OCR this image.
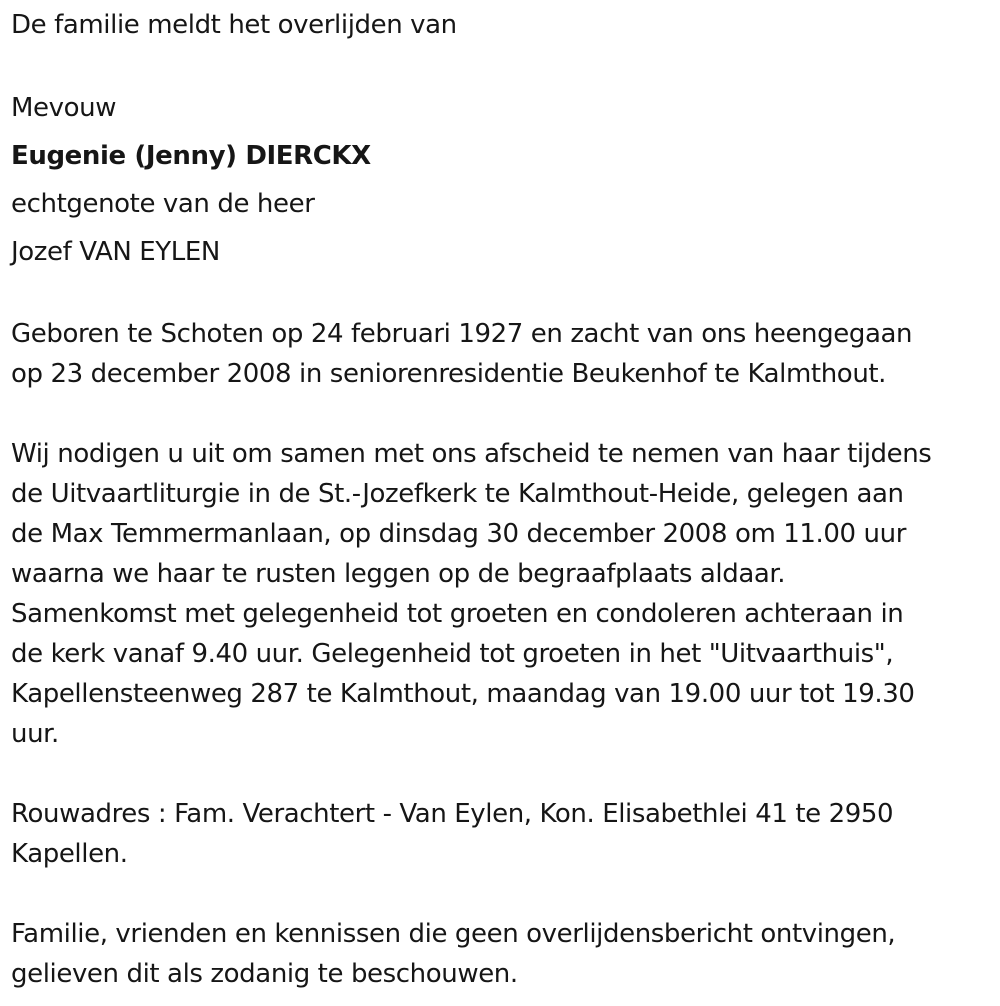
De familie meldt het overlijden van
Mevouw
Eugenie (Jenny) DIERCKX
echtgenote van de heer
Jozef VAN EYLEN
Geboren te Schoten op 24 februari 1927 en zacht van ons heengegaan
op 23 december 2008 in seniorenresidentie Beukenhof te Kalmthout.
Wij nodigen u uit om samen met ons afscheid te nemen van haar tijdens
de Uitvaartliturgie in de St.-Jozefkerk te Kalmthout-Heide, gelegen aan
de Max Temmermanlaan, op dinsdag 30 december 2008 om 11.00 uur
waarna we haar te rusten leggen op de begraafplaats aldaar.
Samenkomst met gelegenheid tot groeten en condoleren achteraan in
de kerk vanaf 9.40 uur. Gelegenheid tot groeten in het "Uitvaarthuis",
Kapellensteenweg 287 te Kalmthout, maandag van 19.00 uur tot 19.30
uur.
Rouwadres : Fam. Verachtert - Van Eylen, Kon. Elisabethlei 41 te 2950
Kapellen.
Familie, vrienden en kennissen die geen overlijdensbericht ontvingen,
gelieven dit als zodanig te beschouwen.
